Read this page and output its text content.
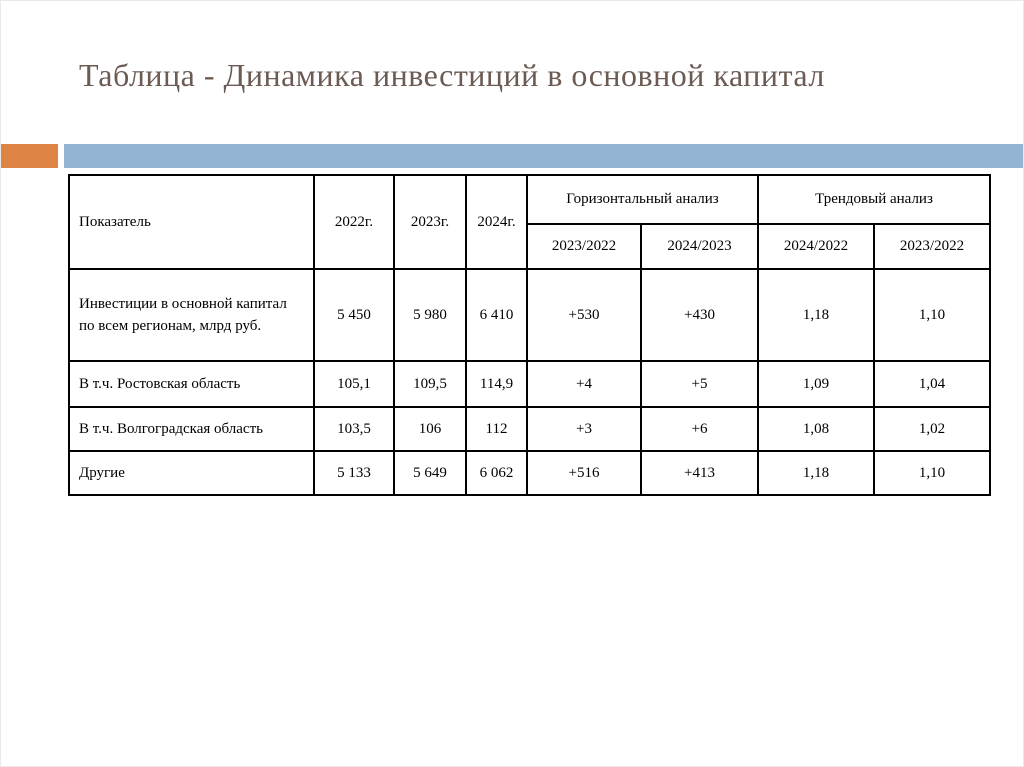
Таблица - Динамика инвестиций в основной капитал
Показатель	2022г.	2023г.	2024г.	Горизонтальный анализ		Трендовый анализ	
				2023/2022	2024/2023	2024/2022	2023/2022
Инвестиции в основной капитал по всем регионам, млрд руб.	5 450	5 980	6 410	+530	+430	1,18	1,10
В т.ч. Ростовская область	105,1	109,5	114,9	+4	+5	1,09	1,04
В т.ч. Волгоградская область	103,5	106	112	+3	+6	1,08	1,02
Другие	5 133	5 649	6 062	+516	+413	1,18	1,10
